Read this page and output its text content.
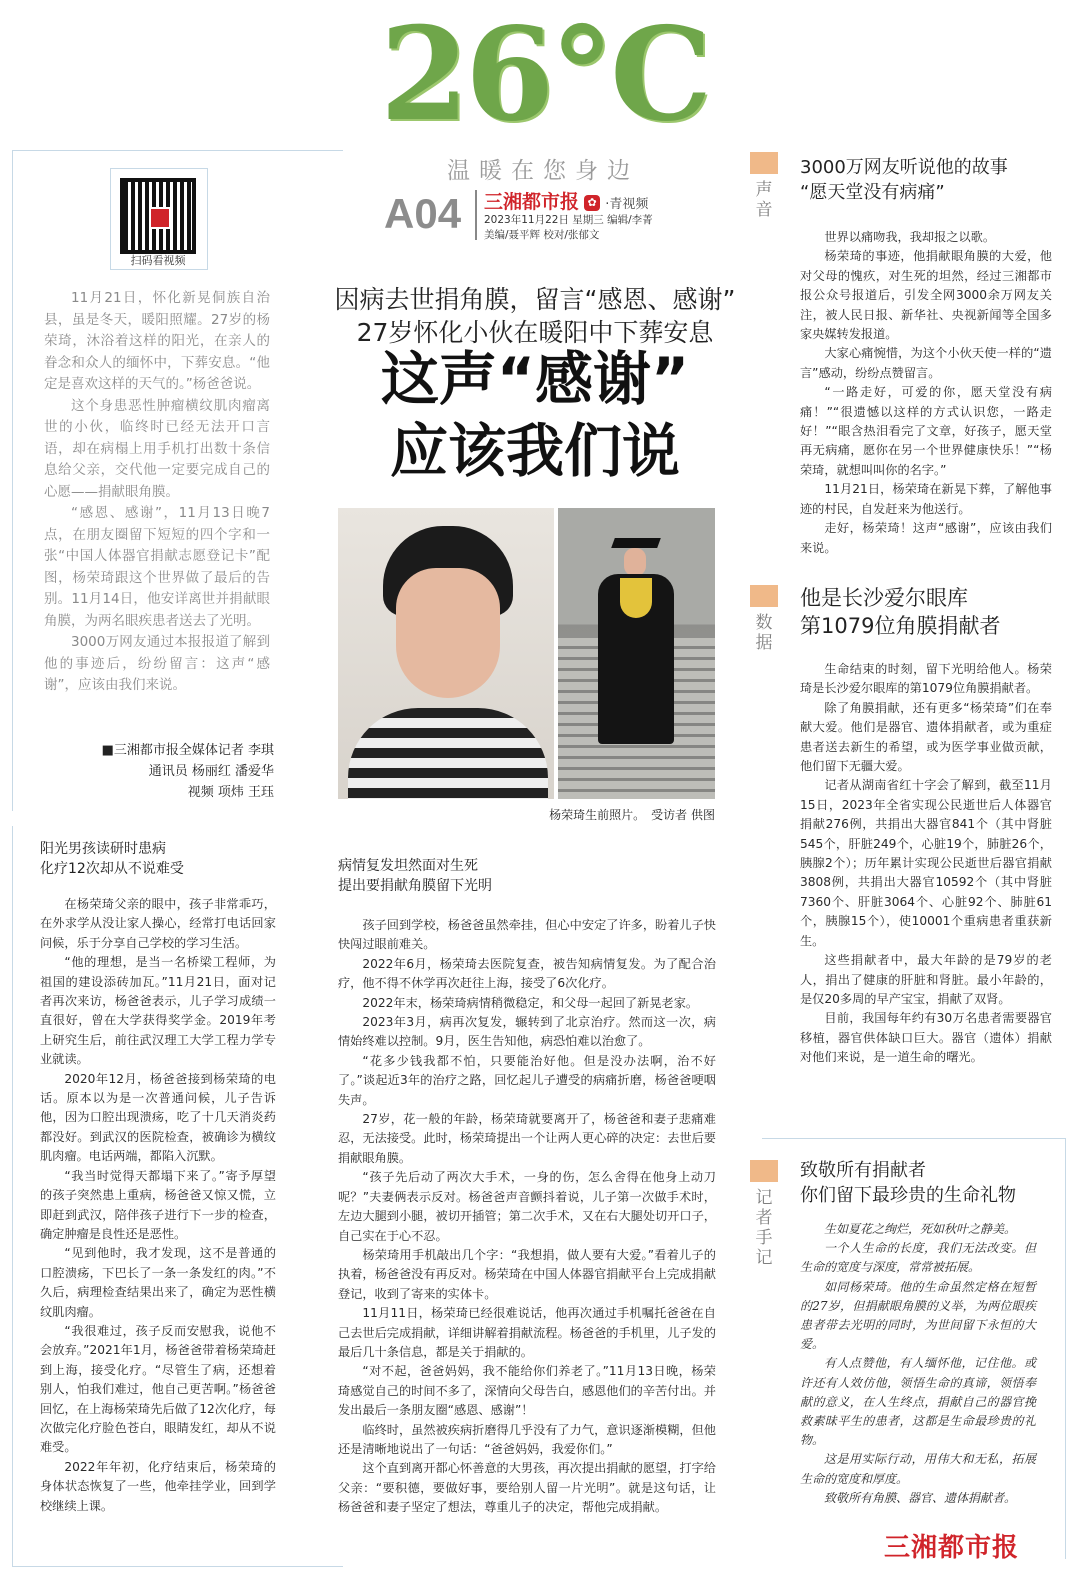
26°C
温暖在您身边
A04 三湘都市报 ✿ ·青视频
2023年11月22日 星期三 编辑/李菁
美编/聂平辉 校对/张郁文
扫码看视频

11月21日，怀化新晃侗族自治县，虽是冬天，暖阳照耀。27岁的杨荣琦，沐浴着这样的阳光，在亲人的眷念和众人的缅怀中，下葬安息。“他定是喜欢这样的天气的。”杨爸爸说。

这个身患恶性肿瘤横纹肌肉瘤离世的小伙，临终时已经无法开口言语，却在病榻上用手机打出数十条信息给父亲，交代他一定要完成自己的心愿——捐献眼角膜。

“感恩、感谢”，11月13日晚7点，在朋友圈留下短短的四个字和一张“中国人体器官捐献志愿登记卡”配图，杨荣琦跟这个世界做了最后的告别。11月14日，他安详离世并捐献眼角膜，为两名眼疾患者送去了光明。

3000万网友通过本报报道了解到他的事迹后，纷纷留言：这声“感谢”，应该由我们来说。

■三湘都市报全媒体记者 李琪
通讯员 杨丽红 潘爱华
视频 项炜 王珏
因病去世捐角膜，留言“感恩、感谢”
27岁怀化小伙在暖阳中下葬安息
这声“感谢”
应该我们说
杨荣琦生前照片。　受访者 供图
阳光男孩读研时患病
化疗12次却从不说难受

在杨荣琦父亲的眼中，孩子非常乖巧，在外求学从没让家人操心，经常打电话回家问候，乐于分享自己学校的学习生活。

“他的理想，是当一名桥梁工程师，为祖国的建设添砖加瓦。”11月21日，面对记者再次来访，杨爸爸表示，儿子学习成绩一直很好，曾在大学获得奖学金。2019年考上研究生后，前往武汉理工大学工程力学专业就读。

2020年12月，杨爸爸接到杨荣琦的电话。原本以为是一次普通问候，儿子告诉他，因为口腔出现溃疡，吃了十几天消炎药都没好。到武汉的医院检查，被确诊为横纹肌肉瘤。电话两端，都陷入沉默。

“我当时觉得天都塌下来了。”寄予厚望的孩子突然患上重病，杨爸爸又惊又慌，立即赶到武汉，陪伴孩子进行下一步的检查，确定肿瘤是良性还是恶性。

“见到他时，我才发现，这不是普通的口腔溃疡，下巴长了一条一条发红的肉。”不久后，病理检查结果出来了，确定为恶性横纹肌肉瘤。

“我很难过，孩子反而安慰我，说他不会放弃。”2021年1月，杨爸爸带着杨荣琦赶到上海，接受化疗。“尽管生了病，还想着别人，怕我们难过，他自己更苦啊。”杨爸爸回忆，在上海杨荣琦先后做了12次化疗，每次做完化疗脸色苍白，眼睛发红，却从不说难受。

2022年年初，化疗结束后，杨荣琦的身体状态恢复了一些，他牵挂学业，回到学校继续上课。

病情复发坦然面对生死
提出要捐献角膜留下光明

孩子回到学校，杨爸爸虽然牵挂，但心中安定了许多，盼着儿子快快闯过眼前难关。

2022年6月，杨荣琦去医院复查，被告知病情复发。为了配合治疗，他不得不休学再次赶往上海，接受了6次化疗。

2022年末，杨荣琦病情稍微稳定，和父母一起回了新晃老家。

2023年3月，病再次复发，辗转到了北京治疗。然而这一次，病情始终难以控制。9月，医生告知他，病恐怕难以治愈了。

“花多少钱我都不怕，只要能治好他。但是没办法啊，治不好了。”谈起近3年的治疗之路，回忆起儿子遭受的病痛折磨，杨爸爸哽咽失声。

27岁，花一般的年龄，杨荣琦就要离开了，杨爸爸和妻子悲痛难忍，无法接受。此时，杨荣琦提出一个让两人更心碎的决定：去世后要捐献眼角膜。

“孩子先后动了两次大手术，一身的伤，怎么舍得在他身上动刀呢？”夫妻俩表示反对。杨爸爸声音颤抖着说，儿子第一次做手术时，左边大腿到小腿，被切开插管；第二次手术，又在右大腿处切开口子，自己实在于心不忍。

杨荣琦用手机敲出几个字：“我想捐，做人要有大爱。”看着儿子的执着，杨爸爸没有再反对。杨荣琦在中国人体器官捐献平台上完成捐献登记，收到了寄来的实体卡。

11月11日，杨荣琦已经很难说话，他再次通过手机嘱托爸爸在自己去世后完成捐献，详细讲解着捐献流程。杨爸爸的手机里，儿子发的最后几十条信息，都是关于捐献的。

“对不起，爸爸妈妈，我不能给你们养老了。”11月13日晚，杨荣琦感觉自己的时间不多了，深情向父母告白，感恩他们的辛苦付出。并发出最后一条朋友圈“感恩、感谢”！

临终时，虽然被疾病折磨得几乎没有了力气，意识逐渐模糊，但他还是清晰地说出了一句话：“爸爸妈妈，我爱你们。”

这个直到离开都心怀善意的大男孩，再次提出捐献的愿望，打字给父亲：“要积德，要做好事，要给别人留一片光明”。就是这句话，让杨爸爸和妻子坚定了想法，尊重儿子的决定，帮他完成捐献。

声音
3000万网友听说他的故事
“愿天堂没有病痛”

世界以痛吻我，我却报之以歌。

杨荣琦的事迹，他捐献眼角膜的大爱，他对父母的愧疚，对生死的坦然，经过三湘都市报公众号报道后，引发全网3000余万网友关注，被人民日报、新华社、央视新闻等全国多家央媒转发报道。

大家心痛惋惜，为这个小伙天使一样的“遗言”感动，纷纷点赞留言。

“一路走好，可爱的你，愿天堂没有病痛！”“很遗憾以这样的方式认识您，一路走好！”“眼含热泪看完了文章，好孩子，愿天堂再无病痛，愿你在另一个世界健康快乐！”“杨荣琦，就想叫叫你的名字。”

11月21日，杨荣琦在新晃下葬，了解他事迹的村民，自发赶来为他送行。

走好，杨荣琦！这声“感谢”，应该由我们来说。

数据
他是长沙爱尔眼库
第1079位角膜捐献者

生命结束的时刻，留下光明给他人。杨荣琦是长沙爱尔眼库的第1079位角膜捐献者。

除了角膜捐献，还有更多“杨荣琦”们在奉献大爱。他们是器官、遗体捐献者，或为重症患者送去新生的希望，或为医学事业做贡献，他们留下无疆大爱。

记者从湖南省红十字会了解到，截至11月15日，2023年全省实现公民逝世后人体器官捐献276例，共捐出大器官841个（其中肾脏545个，肝脏249个，心脏19个，肺脏26个，胰腺2个）；历年累计实现公民逝世后器官捐献3808例，共捐出大器官10592个（其中肾脏7360个、肝脏3064个、心脏92个、肺脏61个，胰腺15个），使10001个重病患者重获新生。

这些捐献者中，最大年龄的是79岁的老人，捐出了健康的肝脏和肾脏。最小年龄的，是仅20多周的早产宝宝，捐献了双肾。

目前，我国每年约有30万名患者需要器官移植，器官供体缺口巨大。器官（遗体）捐献对他们来说，是一道生命的曙光。

记者手记
致敬所有捐献者
你们留下最珍贵的生命礼物

生如夏花之绚烂，死如秋叶之静美。

一个人生命的长度，我们无法改变。但生命的宽度与深度，常常被拓展。

如同杨荣琦。他的生命虽然定格在短暂的27岁，但捐献眼角膜的义举，为两位眼疾患者带去光明的同时，为世间留下永恒的大爱。

有人点赞他，有人缅怀他，记住他。或许还有人效仿他，领悟生命的真谛，领悟奉献的意义，在人生终点，捐献自己的器官挽救素昧平生的患者，这都是生命最珍贵的礼物。

这是用实际行动，用伟大和无私，拓展生命的宽度和厚度。

致敬所有角膜、器官、遗体捐献者。

三湘都市报
